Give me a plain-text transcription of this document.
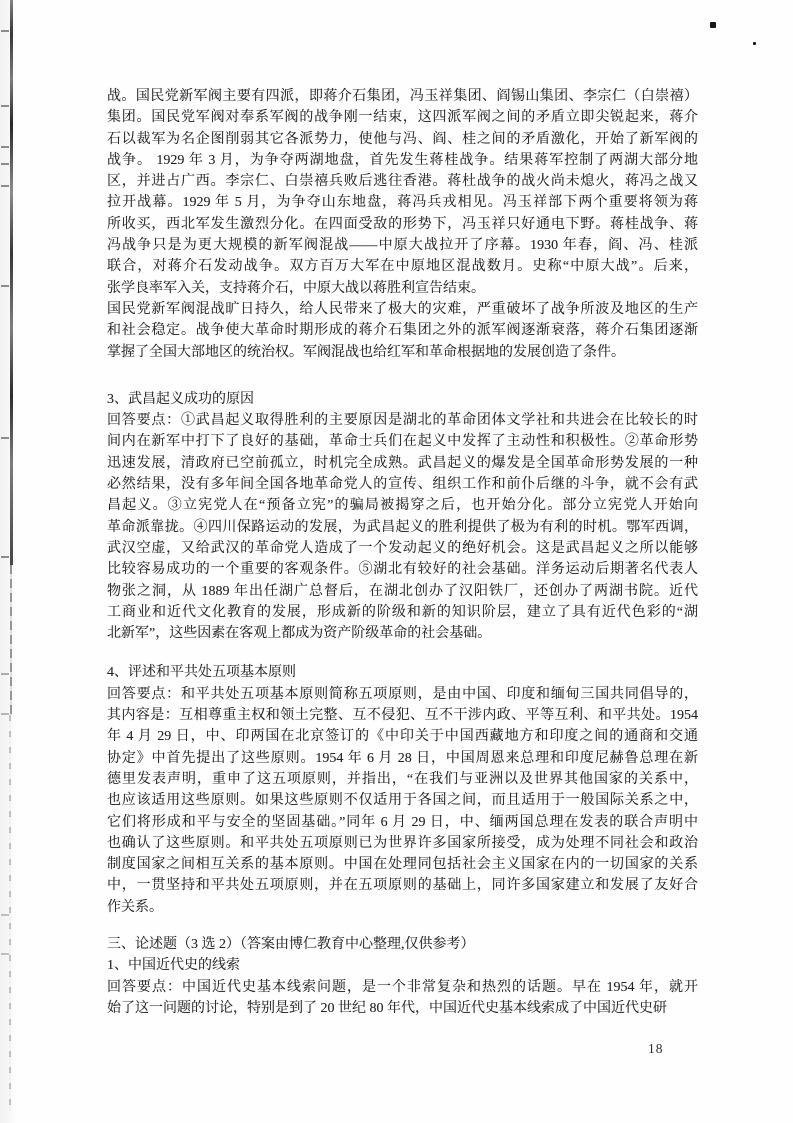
战。国民党新军阀主要有四派，即蒋介石集团，冯玉祥集团、阎锡山集团、李宗仁（白崇禧）
集团。国民党军阀对奉系军阀的战争刚一结束，这四派军阀之间的矛盾立即尖锐起来，蒋介
石以裁军为名企图削弱其它各派势力，使他与冯、阎、桂之间的矛盾激化，开始了新军阀的
战争。 1929 年 3 月，为争夺两湖地盘，首先发生蒋桂战争。结果蒋军控制了两湖大部分地
区，并进占广西。李宗仁、白崇禧兵败后逃往香港。蒋杜战争的战火尚未熄火，蒋冯之战又
拉开战幕。1929 年 5 月，为争夺山东地盘，蒋冯兵戎相见。冯玉祥部下两个重要将领为蒋
所收买，西北军发生激烈分化。在四面受敌的形势下，冯玉祥只好通电下野。蒋桂战争、蒋
冯战争只是为更大规模的新军阀混战——中原大战拉开了序幕。1930 年春，阎、冯、桂派
联合，对蒋介石发动战争。双方百万大军在中原地区混战数月。史称“中原大战”。后来，
张学良率军入关，支持蒋介石，中原大战以蒋胜利宣告结束。
国民党新军阀混战旷日持久，给人民带来了极大的灾难，严重破坏了战争所波及地区的生产
和社会稳定。战争使大革命时期形成的蒋介石集团之外的派军阀逐渐衰落，蒋介石集团逐渐
掌握了全国大部地区的统治权。军阀混战也给红军和革命根据地的发展创造了条件。
3、武昌起义成功的原因
回答要点：①武昌起义取得胜利的主要原因是湖北的革命团体文学社和共进会在比较长的时
间内在新军中打下了良好的基础，革命士兵们在起义中发挥了主动性和积极性。②革命形势
迅速发展，清政府已空前孤立，时机完全成熟。武昌起义的爆发是全国革命形势发展的一种
必然结果，没有多年间全国各地革命党人的宣传、组织工作和前仆后继的斗争，就不会有武
昌起义。③立宪党人在“预备立宪”的骗局被揭穿之后，也开始分化。部分立宪党人开始向
革命派靠拢。④四川保路运动的发展，为武昌起义的胜利提供了极为有利的时机。鄂军西调，
武汉空虚，又给武汉的革命党人造成了一个发动起义的绝好机会。这是武昌起义之所以能够
比较容易成功的一个重要的客观条件。⑤湖北有较好的社会基础。洋务运动后期著名代表人
物张之洞，从 1889 年出任湖广总督后，在湖北创办了汉阳铁厂，还创办了两湖书院。近代
工商业和近代文化教育的发展，形成新的阶级和新的知识阶层，建立了具有近代色彩的“湖
北新军”，这些因素在客观上都成为资产阶级革命的社会基础。
4、评述和平共处五项基本原则
回答要点：和平共处五项基本原则简称五项原则，是由中国、印度和缅甸三国共同倡导的，
其内容是：互相尊重主权和领土完整、互不侵犯、互不干涉内政、平等互利、和平共处。1954
年 4 月 29 日，中、印两国在北京签订的《中印关于中国西藏地方和印度之间的通商和交通
协定》中首先提出了这些原则。1954 年 6 月 28 日，中国周恩来总理和印度尼赫鲁总理在新
德里发表声明，重申了这五项原则，并指出，“在我们与亚洲以及世界其他国家的关系中，
也应该适用这些原则。如果这些原则不仅适用于各国之间，而且适用于一般国际关系之中，
它们将形成和平与安全的坚固基础。”同年 6 月 29 日，中、缅两国总理在发表的联合声明中
也确认了这些原则。和平共处五项原则已为世界许多国家所接受，成为处理不同社会和政治
制度国家之间相互关系的基本原则。中国在处理同包括社会主义国家在内的一切国家的关系
中，一贯坚持和平共处五项原则，并在五项原则的基础上，同许多国家建立和发展了友好合
作关系。
三、论述题（3 选 2）（答案由博仁教育中心整理,仅供参考）
1、中国近代史的线索
回答要点：中国近代史基本线索问题，是一个非常复杂和热烈的话题。早在 1954 年，就开
始了这一问题的讨论，特别是到了 20 世纪 80 年代，中国近代史基本线索成了中国近代史研
18
